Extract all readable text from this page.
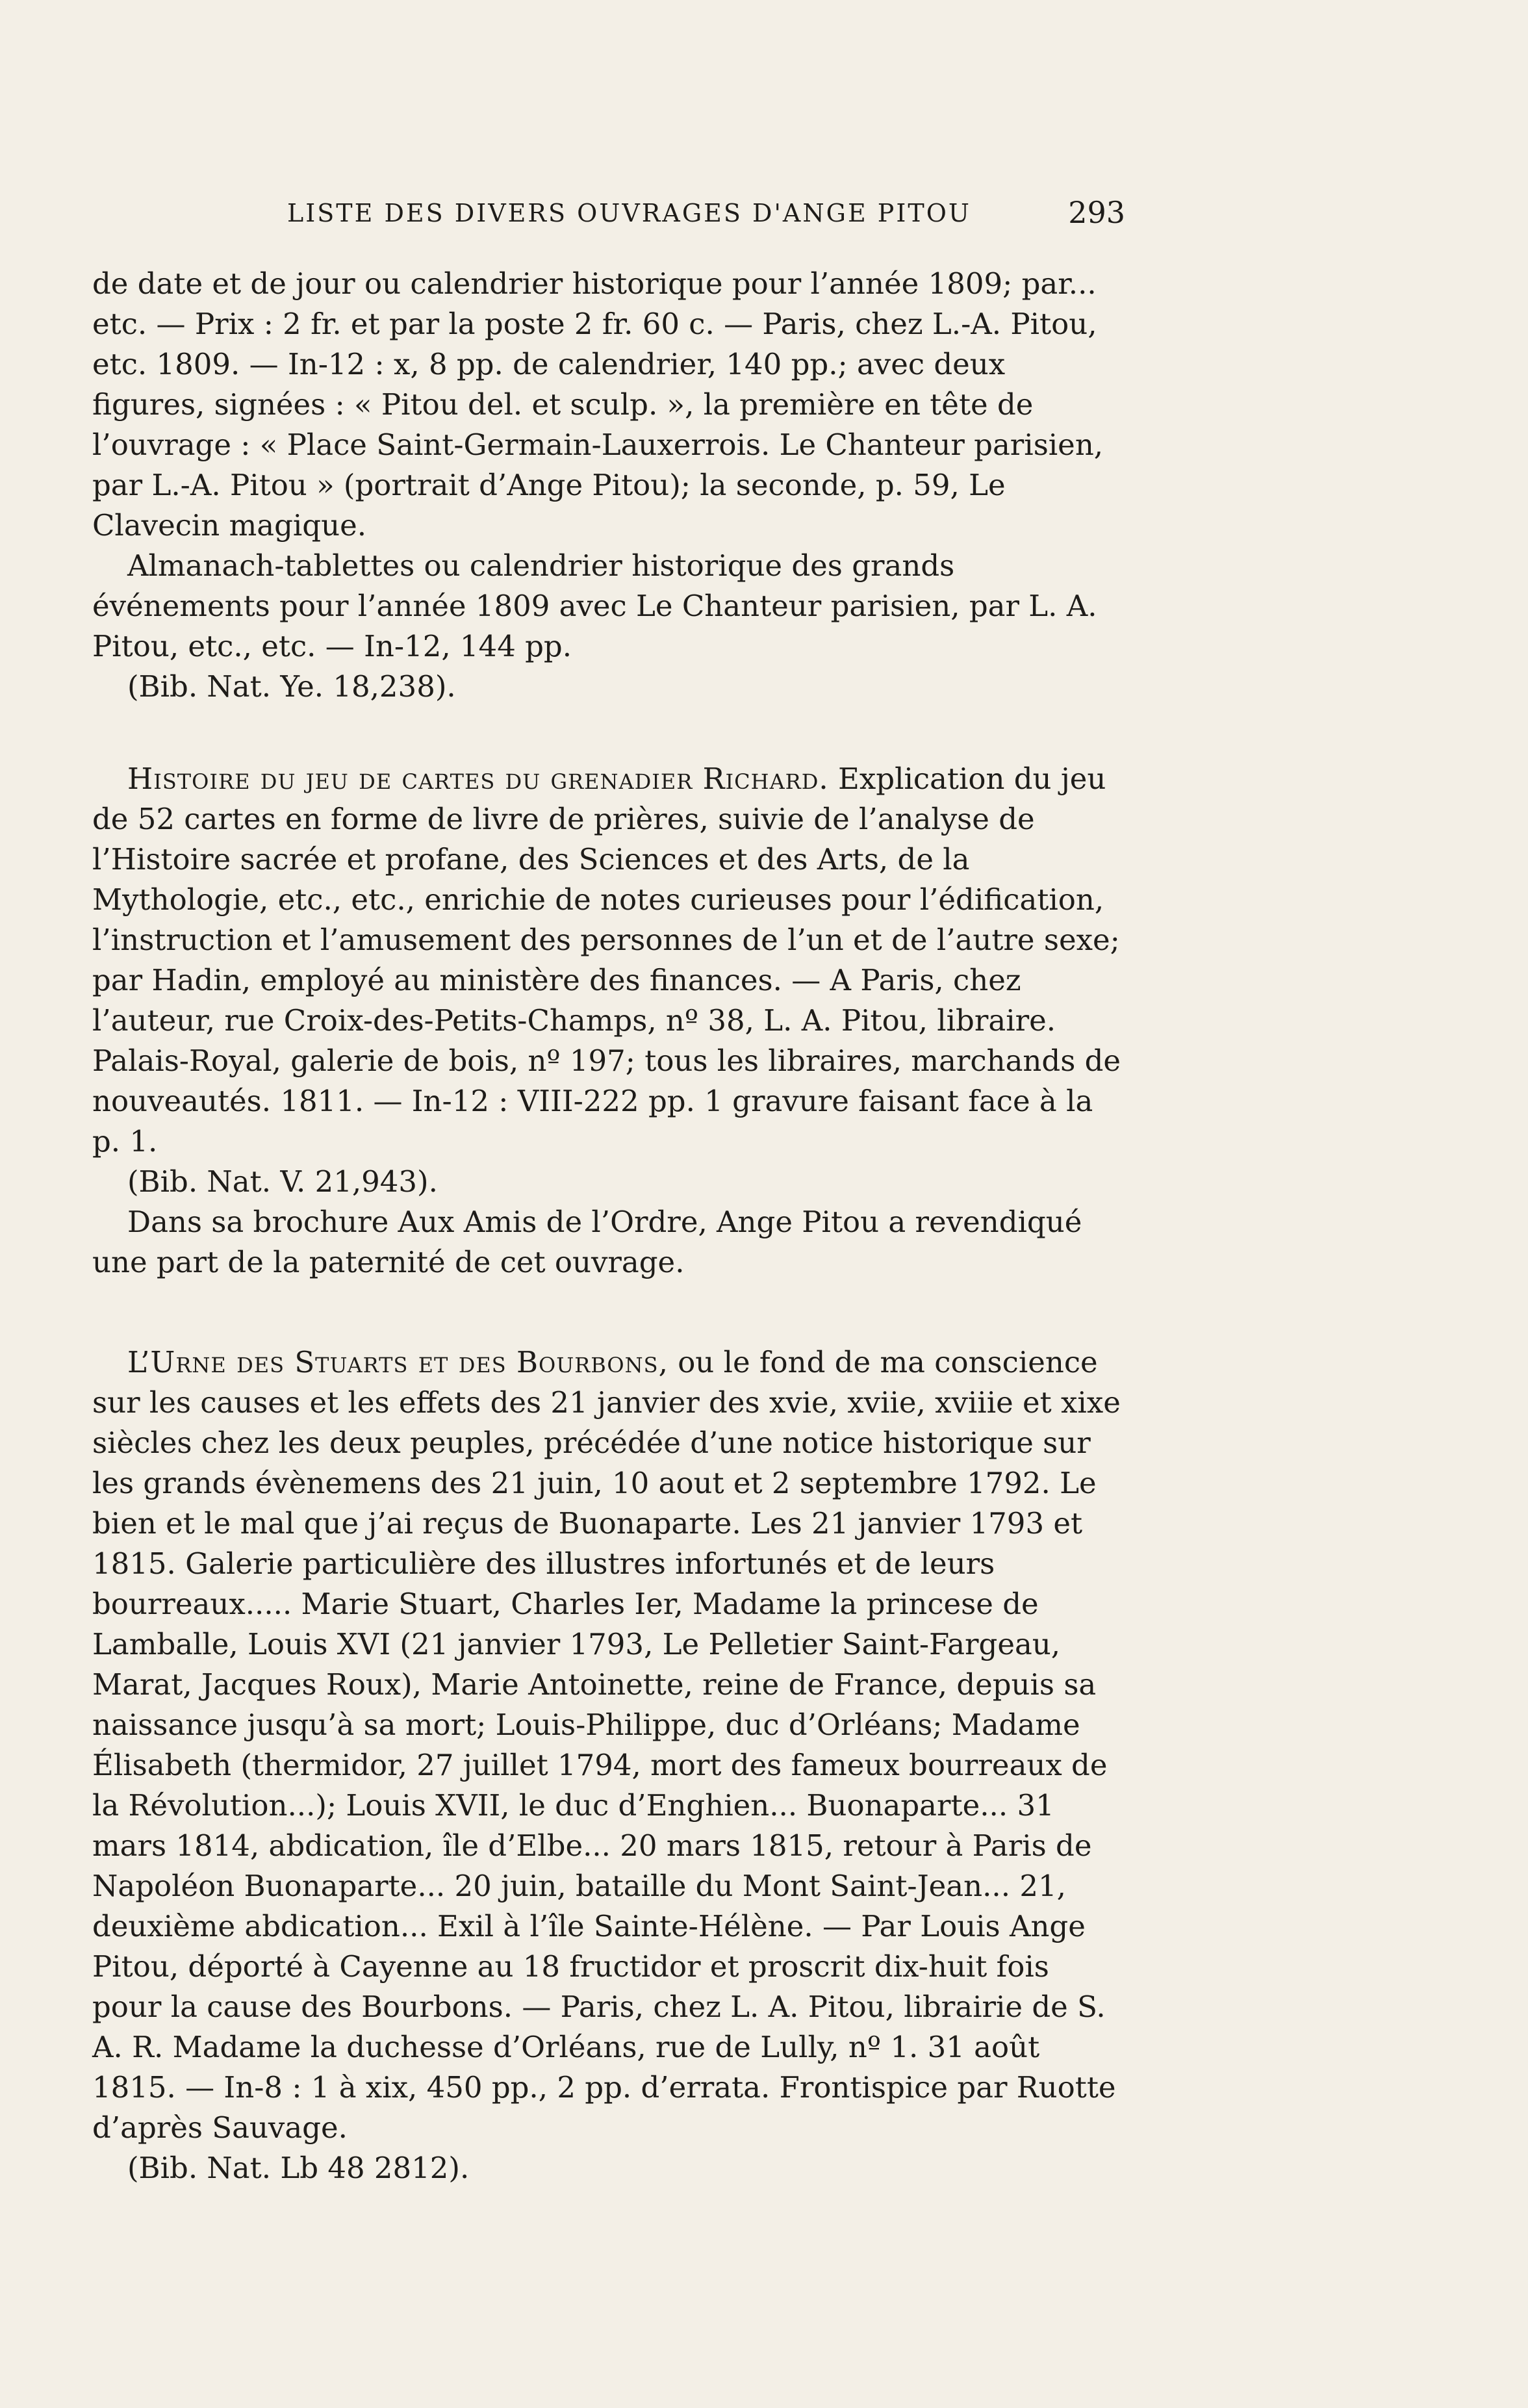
LISTE DES DIVERS OUVRAGES D'ANGE PITOU	293

de date et de jour ou calendrier historique pour l’année 1809; par... etc. — Prix : 2 fr. et par la poste 2 fr. 60 c. — Paris, chez L.-A. Pitou, etc. 1809. — In-12 : x, 8 pp. de calendrier, 140 pp.; avec deux figures, signées : « Pitou del. et sculp. », la première en tête de l’ouvrage : « Place Saint-Germain-Lauxerrois. Le Chanteur parisien, par L.-A. Pitou » (portrait d’Ange Pitou); la seconde, p. 59, Le Clavecin magique.

Almanach-tablettes ou calendrier historique des grands événements pour l’année 1809 avec Le Chanteur parisien, par L. A. Pitou, etc., etc. — In-12, 144 pp.

(Bib. Nat. Ye. 18,238).

Histoire du jeu de cartes du grenadier Richard. Explication du jeu de 52 cartes en forme de livre de prières, suivie de l’analyse de l’Histoire sacrée et profane, des Sciences et des Arts, de la Mythologie, etc., etc., enrichie de notes curieuses pour l’édification, l’instruction et l’amusement des personnes de l’un et de l’autre sexe; par Hadin, employé au ministère des finances. — A Paris, chez l’auteur, rue Croix-des-Petits-Champs, nº 38, L. A. Pitou, libraire. Palais-Royal, galerie de bois, nº 197; tous les libraires, marchands de nouveautés. 1811. — In-12 : VIII-222 pp. 1 gravure faisant face à la p. 1.

(Bib. Nat. V. 21,943).

Dans sa brochure Aux Amis de l’Ordre, Ange Pitou a revendiqué une part de la paternité de cet ouvrage.

L’Urne des Stuarts et des Bourbons, ou le fond de ma conscience sur les causes et les effets des 21 janvier des xvie, xviie, xviiie et xixe siècles chez les deux peuples, précédée d’une notice historique sur les grands évènemens des 21 juin, 10 aout et 2 septembre 1792. Le bien et le mal que j’ai reçus de Buonaparte. Les 21 janvier 1793 et 1815. Galerie particulière des illustres infortunés et de leurs bourreaux..... Marie Stuart, Charles Ier, Madame la princese de Lamballe, Louis XVI (21 janvier 1793, Le Pelletier Saint-Fargeau, Marat, Jacques Roux), Marie Antoinette, reine de France, depuis sa naissance jusqu’à sa mort; Louis-Philippe, duc d’Orléans; Madame Élisabeth (thermidor, 27 juillet 1794, mort des fameux bourreaux de la Révolution...); Louis XVII, le duc d’Enghien... Buonaparte... 31 mars 1814, abdication, île d’Elbe... 20 mars 1815, retour à Paris de Napoléon Buonaparte... 20 juin, bataille du Mont Saint-Jean... 21, deuxième abdication... Exil à l’île Sainte-Hélène. — Par Louis Ange Pitou, déporté à Cayenne au 18 fructidor et proscrit dix-huit fois pour la cause des Bourbons. — Paris, chez L. A. Pitou, librairie de S. A. R. Madame la duchesse d’Orléans, rue de Lully, nº 1. 31 août 1815. — In-8 : 1 à xix, 450 pp., 2 pp. d’errata. Frontispice par Ruotte d’après Sauvage.

(Bib. Nat. Lb 48 2812).
